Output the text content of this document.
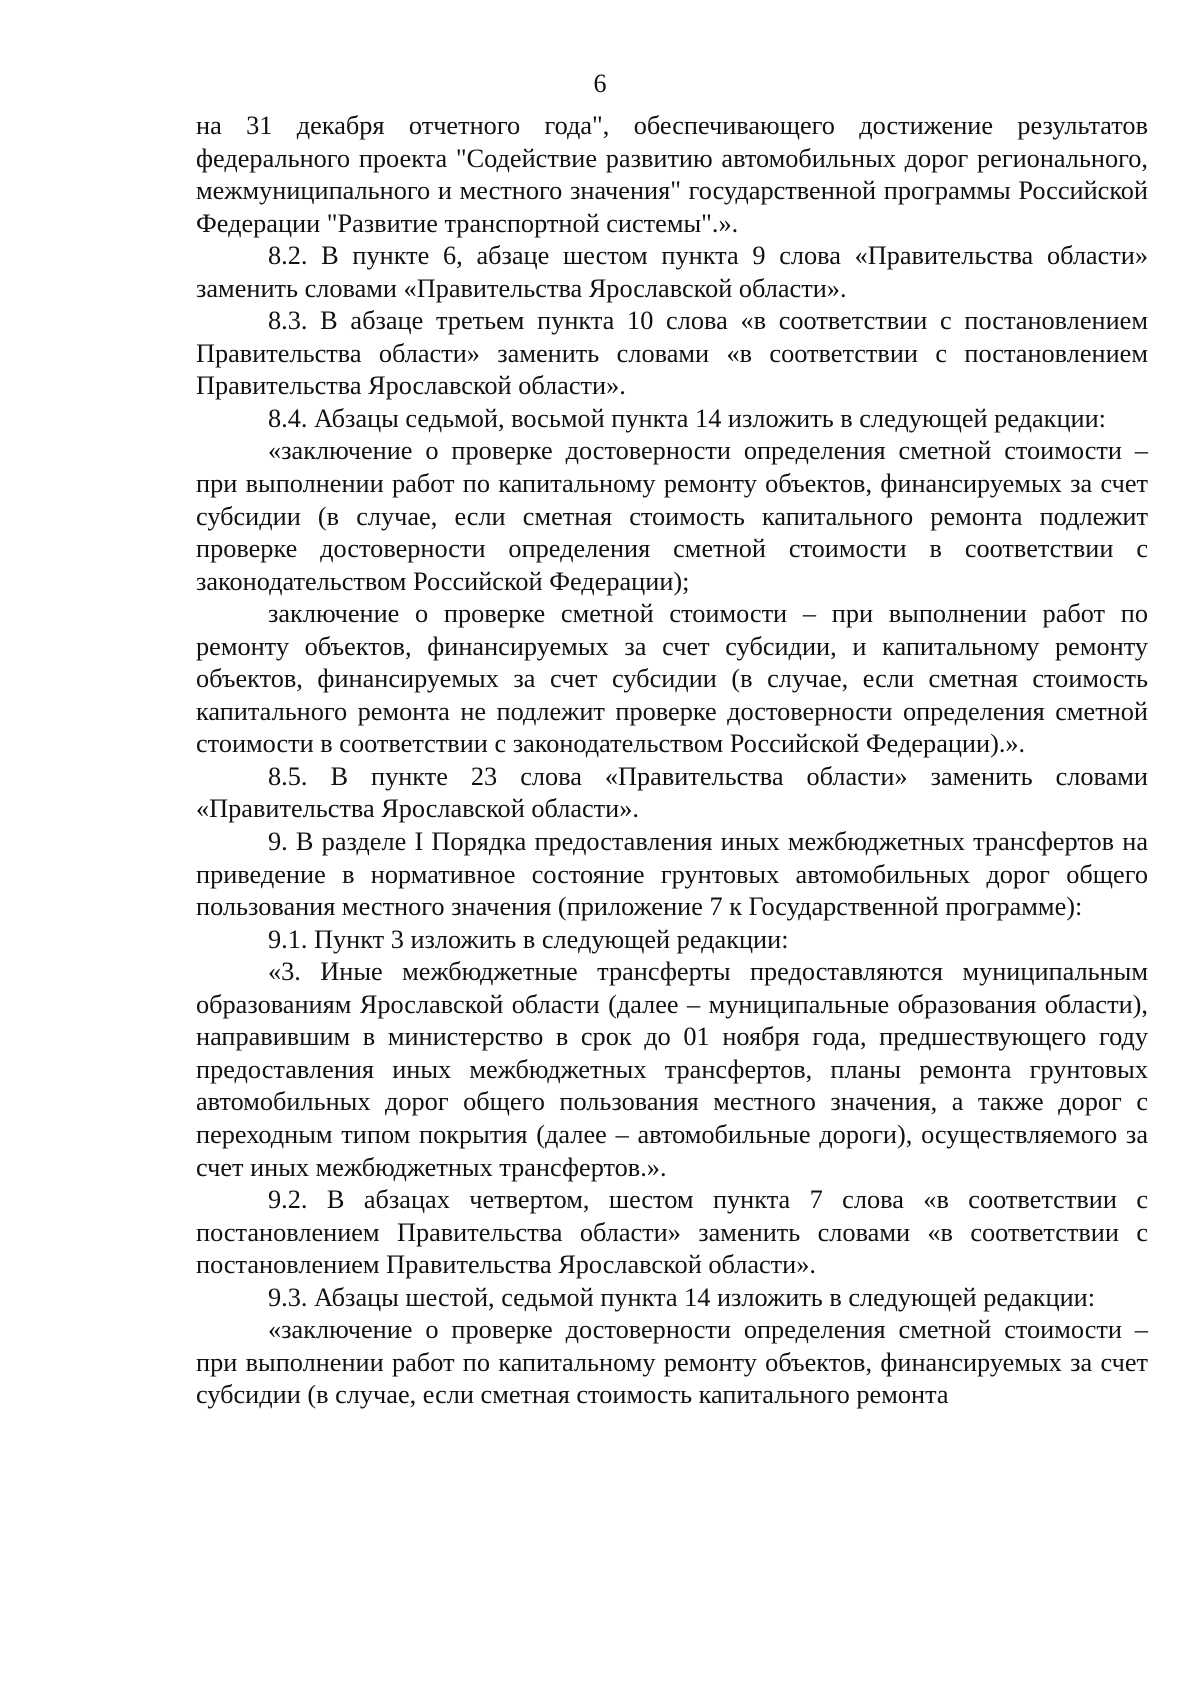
6

на 31 декабря отчетного года", обеспечивающего достижение результатов федерального проекта "Содействие развитию автомобильных дорог регионального, межмуниципального и местного значения" государственной программы Российской Федерации "Развитие транспортной системы".».

8.2. В пункте 6, абзаце шестом пункта 9 слова «Правительства области» заменить словами «Правительства Ярославской области».

8.3. В абзаце третьем пункта 10 слова «в соответствии с постановлением Правительства области» заменить словами «в соответствии с постановлением Правительства Ярославской области».

8.4. Абзацы седьмой, восьмой пункта 14 изложить в следующей редакции:

«заключение о проверке достоверности определения сметной стоимости – при выполнении работ по капитальному ремонту объектов, финансируемых за счет субсидии (в случае, если сметная стоимость капитального ремонта подлежит проверке достоверности определения сметной стоимости в соответствии с законодательством Российской Федерации);

заключение о проверке сметной стоимости – при выполнении работ по ремонту объектов, финансируемых за счет субсидии, и капитальному ремонту объектов, финансируемых за счет субсидии (в случае, если сметная стоимость капитального ремонта не подлежит проверке достоверности определения сметной стоимости в соответствии с законодательством Российской Федерации).».

8.5. В пункте 23 слова «Правительства области» заменить словами «Правительства Ярославской области».

9. В разделе I Порядка предоставления иных межбюджетных трансфертов на приведение в нормативное состояние грунтовых автомобильных дорог общего пользования местного значения (приложение 7 к Государственной программе):

9.1. Пункт 3 изложить в следующей редакции:

«3. Иные межбюджетные трансферты предоставляются муниципальным образованиям Ярославской области (далее – муниципальные образования области), направившим в министерство в срок до 01 ноября года, предшествующего году предоставления иных межбюджетных трансфертов, планы ремонта грунтовых автомобильных дорог общего пользования местного значения, а также дорог с переходным типом покрытия (далее – автомобильные дороги), осуществляемого за счет иных межбюджетных трансфертов.».

9.2. В абзацах четвертом, шестом пункта 7 слова «в соответствии с постановлением Правительства области» заменить словами «в соответствии с постановлением Правительства Ярославской области».

9.3. Абзацы шестой, седьмой пункта 14 изложить в следующей редакции:

«заключение о проверке достоверности определения сметной стоимости – при выполнении работ по капитальному ремонту объектов, финансируемых за счет субсидии (в случае, если сметная стоимость капитального ремонта
